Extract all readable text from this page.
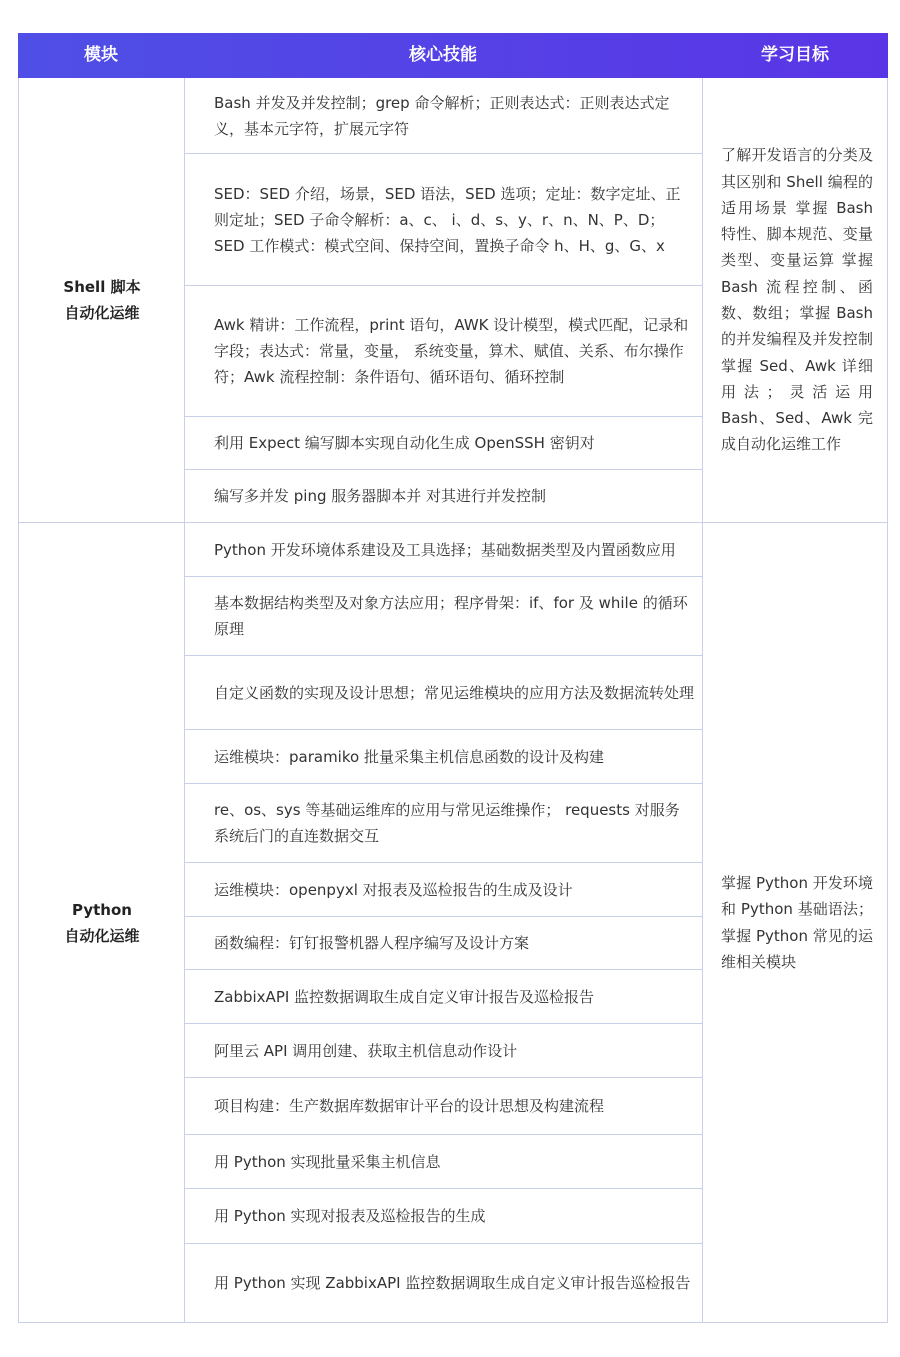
模块	核心技能	学习目标
Shell 脚本
自动化运维
Bash 并发及并发控制；grep 命令解析；正则表达式：正则表达式定义，基本元字符，扩展元字符
SED：SED 介绍，场景，SED 语法，SED 选项；定址：数字定址、正则定址；SED 子命令解析：a、c、 i、d、s、y、r、n、N、P、D；SED 工作模式：模式空间、保持空间，置换子命令 h、H、g、G、x
Awk 精讲：工作流程，print 语句，AWK 设计模型，模式匹配，记录和字段；表达式：常量，变量， 系统变量，算术、赋值、关系、布尔操作符；Awk 流程控制：条件语句、循环语句、循环控制
利用 Expect 编写脚本实现自动化生成 OpenSSH 密钥对
编写多并发 ping 服务器脚本并 对其进行并发控制
了解开发语言的分类及其区别和 Shell 编程的适用场景 掌握 Bash 特性、脚本规范、变量类型、变量运算 掌握 Bash 流程控制、函数、数组；掌握 Bash 的并发编程及并发控制 掌握 Sed、Awk 详细用法；灵活运用 Bash、Sed、Awk 完成自动化运维工作
Python
自动化运维
Python 开发环境体系建设及工具选择；基础数据类型及内置函数应用
基本数据结构类型及对象方法应用；程序骨架：if、for 及 while 的循环原理
自定义函数的实现及设计思想；常见运维模块的应用方法及数据流转处理
运维模块：paramiko 批量采集主机信息函数的设计及构建
re、os、sys 等基础运维库的应用与常见运维操作； requests 对服务系统后门的直连数据交互
运维模块：openpyxl 对报表及巡检报告的生成及设计
函数编程：钉钉报警机器人程序编写及设计方案
ZabbixAPI 监控数据调取生成自定义审计报告及巡检报告
阿里云 API 调用创建、获取主机信息动作设计
项目构建：生产数据库数据审计平台的设计思想及构建流程
用 Python 实现批量采集主机信息
用 Python 实现对报表及巡检报告的生成
用 Python 实现 ZabbixAPI 监控数据调取生成自定义审计报告巡检报告
掌握 Python 开发环境和 Python 基础语法；掌握 Python 常见的运维相关模块
